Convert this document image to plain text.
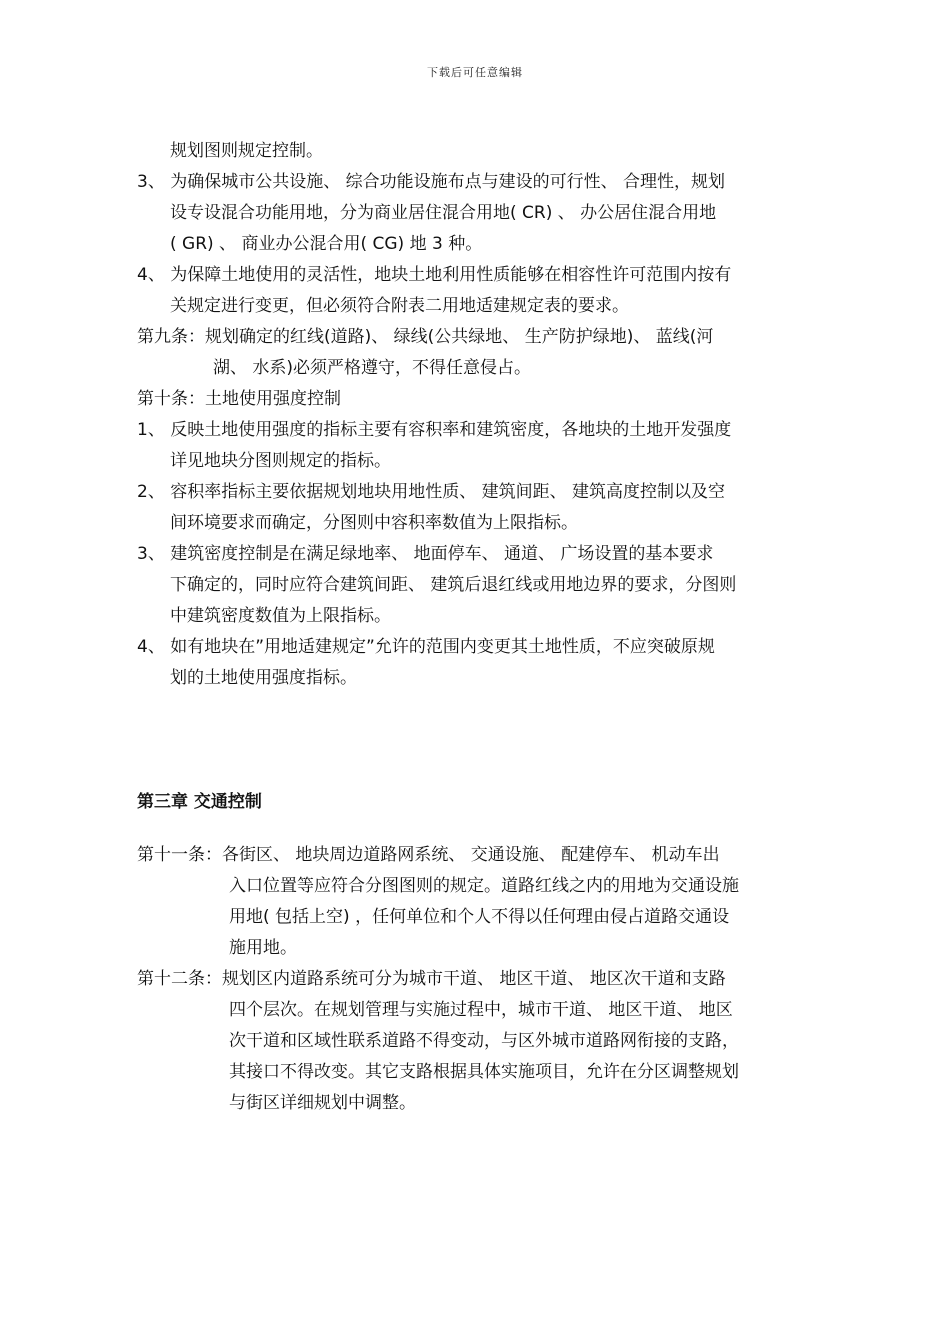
下载后可任意编辑
规划图则规定控制。
3、 为确保城市公共设施、 综合功能设施布点与建设的可行性、 合理性，规划
设专设混合功能用地，分为商业居住混合用地( CR) 、 办公居住混合用地
( GR) 、 商业办公混合用( CG) 地 3 种。
4、 为保障土地使用的灵活性，地块土地利用性质能够在相容性许可范围内按有
关规定进行变更，但必须符合附表二用地适建规定表的要求。
第九条：规划确定的红线(道路)、 绿线(公共绿地、 生产防护绿地)、 蓝线(河
湖、 水系)必须严格遵守，不得任意侵占。
第十条：土地使用强度控制
1、 反映土地使用强度的指标主要有容积率和建筑密度，各地块的土地开发强度
详见地块分图则规定的指标。
2、 容积率指标主要依据规划地块用地性质、 建筑间距、 建筑高度控制以及空
间环境要求而确定，分图则中容积率数值为上限指标。
3、 建筑密度控制是在满足绿地率、 地面停车、 通道、 广场设置的基本要求
下确定的，同时应符合建筑间距、 建筑后退红线或用地边界的要求，分图则
中建筑密度数值为上限指标。
4、 如有地块在”用地适建规定”允许的范围内变更其土地性质，不应突破原规
划的土地使用强度指标。
第三章 交通控制
第十一条：各街区、 地块周边道路网系统、 交通设施、 配建停车、 机动车出
入口位置等应符合分图图则的规定。道路红线之内的用地为交通设施
用地( 包括上空) ，任何单位和个人不得以任何理由侵占道路交通设
施用地。
第十二条：规划区内道路系统可分为城市干道、 地区干道、 地区次干道和支路
四个层次。在规划管理与实施过程中，城市干道、 地区干道、 地区
次干道和区域性联系道路不得变动，与区外城市道路网衔接的支路，
其接口不得改变。其它支路根据具体实施项目，允许在分区调整规划
与街区详细规划中调整。
